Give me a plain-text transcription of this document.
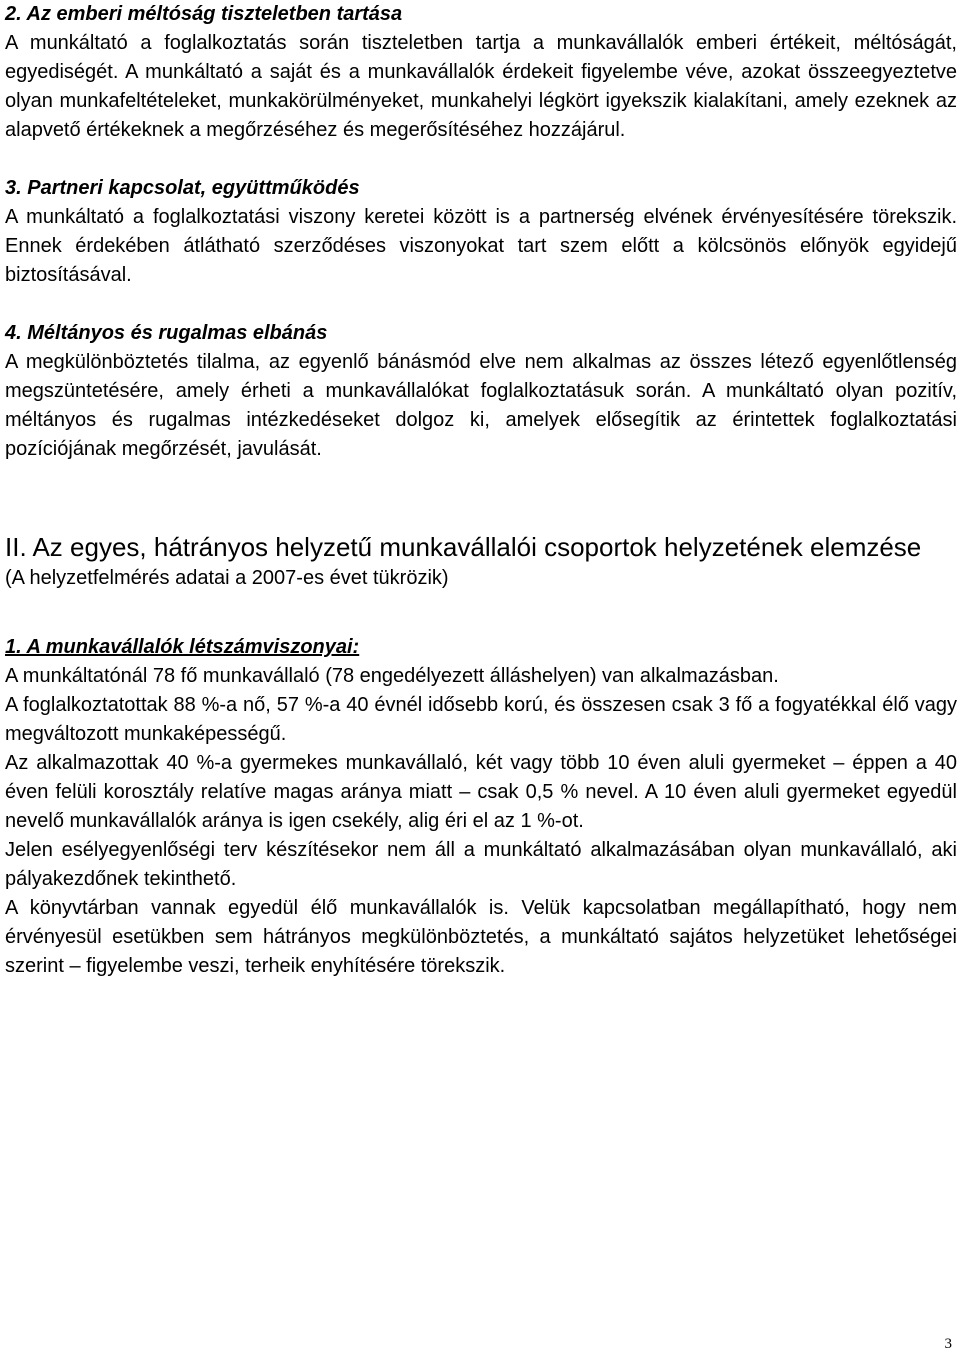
2. Az emberi méltóság tiszteletben tartása

A munkáltató a foglalkoztatás során tiszteletben tartja a munkavállalók emberi értékeit, méltóságát, egyediségét. A munkáltató a saját és a munkavállalók érdekeit figyelembe véve, azokat összeegyeztetve olyan munkafeltételeket, munkakörülményeket, munkahelyi légkört igyekszik kialakítani, amely ezeknek az alapvető értékeknek a megőrzéséhez és megerősítéséhez hozzájárul.

3. Partneri kapcsolat, együttműködés

A munkáltató a foglalkoztatási viszony keretei között is a partnerség elvének érvényesítésére törekszik. Ennek érdekében átlátható szerződéses viszonyokat tart szem előtt a kölcsönös előnyök egyidejű biztosításával.

4. Méltányos és rugalmas elbánás

A megkülönböztetés tilalma, az egyenlő bánásmód elve nem alkalmas az összes létező egyenlőtlenség megszüntetésére, amely érheti a munkavállalókat foglalkoztatásuk során. A munkáltató olyan pozitív, méltányos és rugalmas intézkedéseket dolgoz ki, amelyek elősegítik az érintettek foglalkoztatási pozíciójának megőrzését, javulását.

II. Az egyes, hátrányos helyzetű munkavállalói csoportok helyzetének elemzése

(A helyzetfelmérés adatai a 2007-es évet tükrözik)

1. A munkavállalók létszámviszonyai:

A munkáltatónál 78 fő munkavállaló (78 engedélyezett álláshelyen) van alkalmazásban.

A foglalkoztatottak 88 %-a nő, 57 %-a 40 évnél idősebb korú, és összesen csak 3 fő a fogyatékkal élő vagy megváltozott munkaképességű.

Az alkalmazottak 40 %-a gyermekes munkavállaló, két vagy több 10 éven aluli gyermeket – éppen a 40 éven felüli korosztály relatíve magas aránya miatt – csak 0,5 % nevel. A 10 éven aluli gyermeket egyedül nevelő munkavállalók aránya is igen csekély, alig éri el az 1 %-ot.

Jelen esélyegyenlőségi terv készítésekor nem áll a munkáltató alkalmazásában olyan munkavállaló, aki pályakezdőnek tekinthető.

A könyvtárban vannak egyedül élő munkavállalók is. Velük kapcsolatban megállapítható, hogy nem érvényesül esetükben sem hátrányos megkülönböztetés, a munkáltató sajátos helyzetüket lehetőségei szerint – figyelembe veszi, terheik enyhítésére törekszik.

3
